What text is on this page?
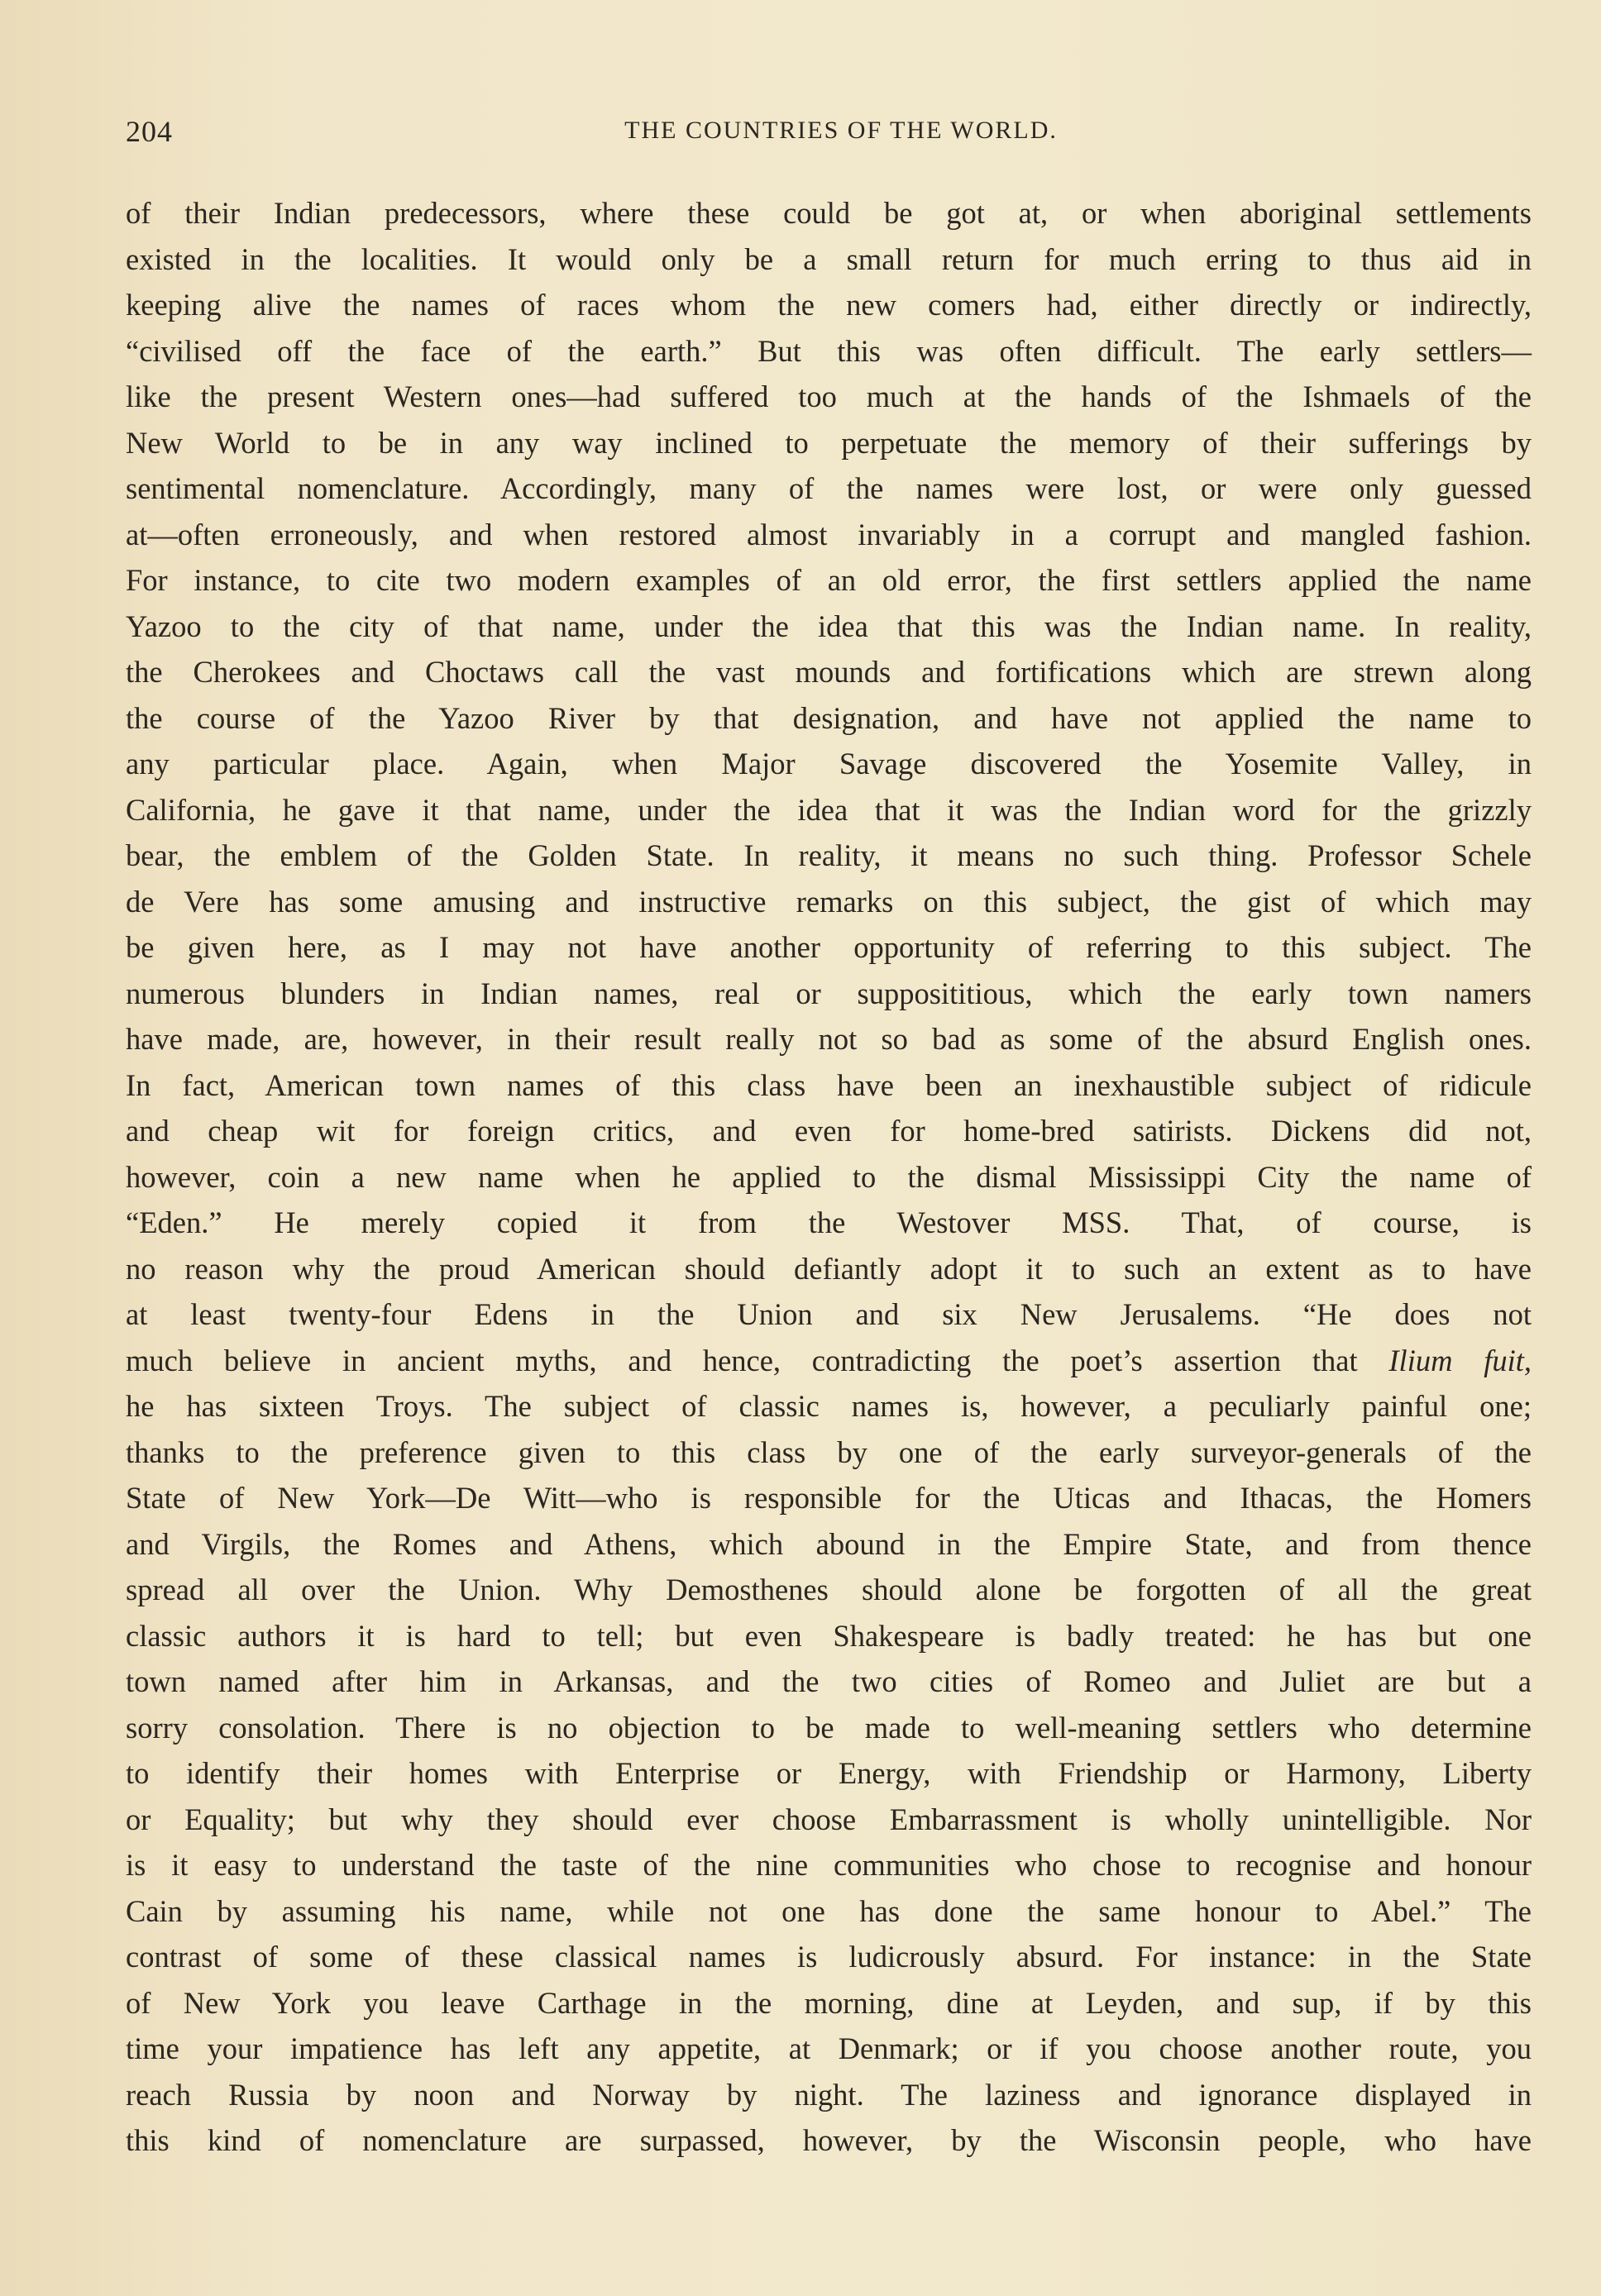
204	THE COUNTRIES OF THE WORLD.
of their Indian predecessors, where these could be got at, or when aboriginal settlements
existed in the localities. It would only be a small return for much erring to thus aid in
keeping alive the names of races whom the new comers had, either directly or indirectly,
“civilised off the face of the earth.” But this was often difficult. The early settlers—
like the present Western ones—had suffered too much at the hands of the Ishmaels of the
New World to be in any way inclined to perpetuate the memory of their sufferings by
sentimental nomenclature. Accordingly, many of the names were lost, or were only guessed
at—often erroneously, and when restored almost invariably in a corrupt and mangled fashion.
For instance, to cite two modern examples of an old error, the first settlers applied the name
Yazoo to the city of that name, under the idea that this was the Indian name. In reality,
the Cherokees and Choctaws call the vast mounds and fortifications which are strewn along
the course of the Yazoo River by that designation, and have not applied the name to
any particular place. Again, when Major Savage discovered the Yosemite Valley, in
California, he gave it that name, under the idea that it was the Indian word for the grizzly
bear, the emblem of the Golden State. In reality, it means no such thing. Professor Schele
de Vere has some amusing and instructive remarks on this subject, the gist of which may
be given here, as I may not have another opportunity of referring to this subject. The
numerous blunders in Indian names, real or supposititious, which the early town namers
have made, are, however, in their result really not so bad as some of the absurd English ones.
In fact, American town names of this class have been an inexhaustible subject of ridicule
and cheap wit for foreign critics, and even for home-bred satirists. Dickens did not,
however, coin a new name when he applied to the dismal Mississippi City the name of
“Eden.” He merely copied it from the Westover MSS. That, of course, is
no reason why the proud American should defiantly adopt it to such an extent as to have
at least twenty-four Edens in the Union and six New Jerusalems. “He does not
much believe in ancient myths, and hence, contradicting the poet’s assertion that Ilium fuit,
he has sixteen Troys. The subject of classic names is, however, a peculiarly painful one;
thanks to the preference given to this class by one of the early surveyor-generals of the
State of New York—De Witt—who is responsible for the Uticas and Ithacas, the Homers
and Virgils, the Romes and Athens, which abound in the Empire State, and from thence
spread all over the Union. Why Demosthenes should alone be forgotten of all the great
classic authors it is hard to tell; but even Shakespeare is badly treated: he has but one
town named after him in Arkansas, and the two cities of Romeo and Juliet are but a
sorry consolation. There is no objection to be made to well-meaning settlers who determine
to identify their homes with Enterprise or Energy, with Friendship or Harmony, Liberty
or Equality; but why they should ever choose Embarrassment is wholly unintelligible. Nor
is it easy to understand the taste of the nine communities who chose to recognise and honour
Cain by assuming his name, while not one has done the same honour to Abel.” The
contrast of some of these classical names is ludicrously absurd. For instance: in the State
of New York you leave Carthage in the morning, dine at Leyden, and sup, if by this
time your impatience has left any appetite, at Denmark; or if you choose another route, you
reach Russia by noon and Norway by night. The laziness and ignorance displayed in
this kind of nomenclature are surpassed, however, by the Wisconsin people, who have
